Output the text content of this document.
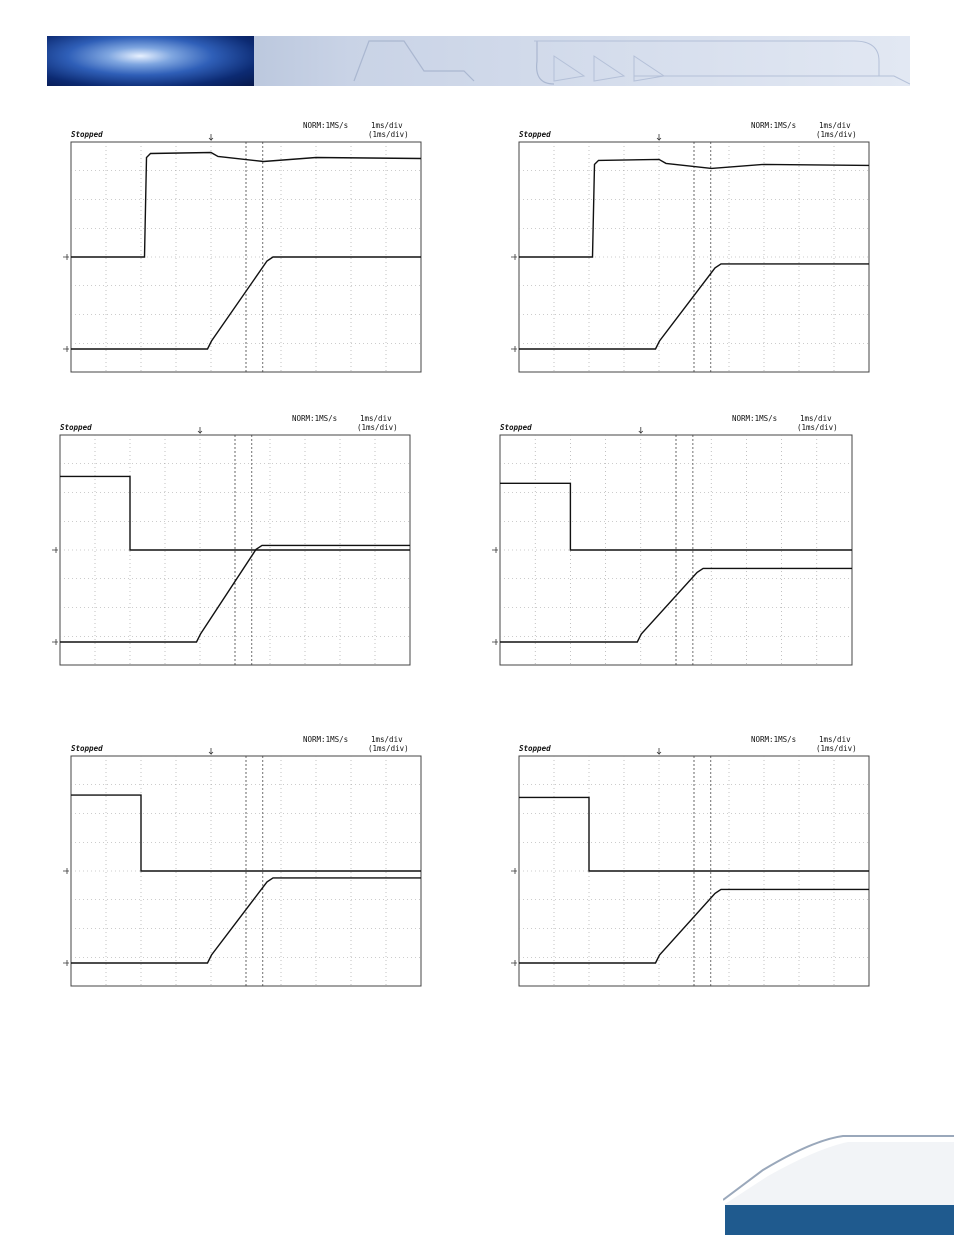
Stopped
NORM:1MS/s	1ms/div
(1ms/div)	Stopped
NORM:1MS/s	1ms/div
(1ms/div)
Stopped
NORM:1MS/s	1ms/div
(1ms/div)	Stopped
NORM:1MS/s	1ms/div
(1ms/div)
Stopped
NORM:1MS/s	1ms/div
(1ms/div)	Stopped
NORM:1MS/s	1ms/div
(1ms/div)
